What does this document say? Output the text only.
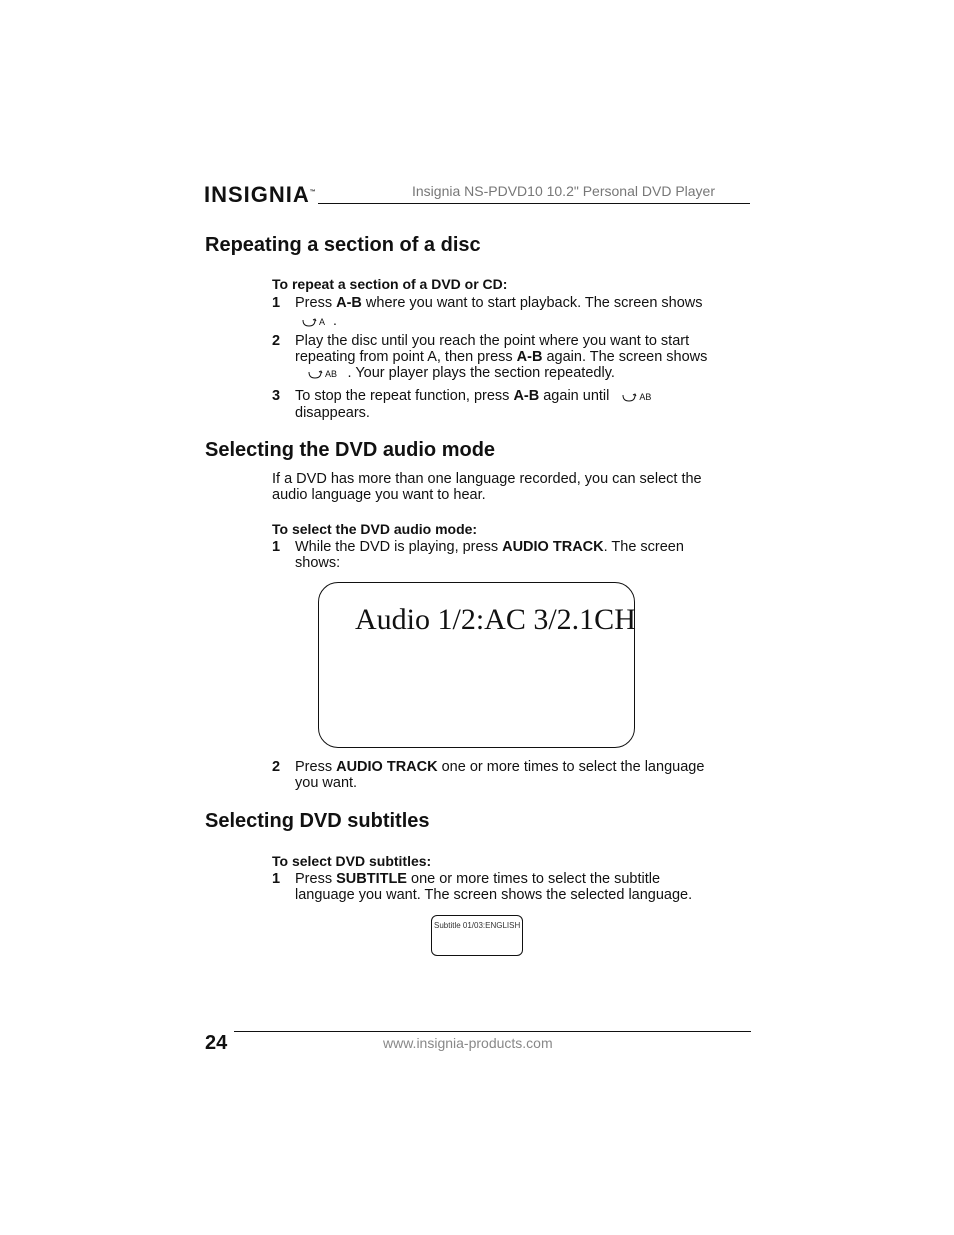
INSIGNIA™	Insignia NS-PDVD10 10.2" Personal DVD Player
Repeating a section of a disc

To repeat a section of a DVD or CD:

1 Press A-B where you want to start playback. The screen shows
A .
2 Play the disc until you reach the point where you want to start
repeating from point A, then press A-B again. The screen shows
AB . Your player plays the section repeatedly.
3 To stop the repeat function, press A-B again until	AB
disappears.
Selecting the DVD audio mode
If a DVD has more than one language recorded, you can select the
audio language you want to hear.

To select the DVD audio mode:

1 While the DVD is playing, press AUDIO TRACK. The screen
shows:
Audio 1/2:AC 3/2.1CH
2 Press AUDIO TRACK one or more times to select the language
you want.
Selecting DVD subtitles

To select DVD subtitles:

1 Press SUBTITLE one or more times to select the subtitle
language you want. The screen shows the selected language.
Subtitle 01/03:ENGLISH
24	www.insignia-products.com
